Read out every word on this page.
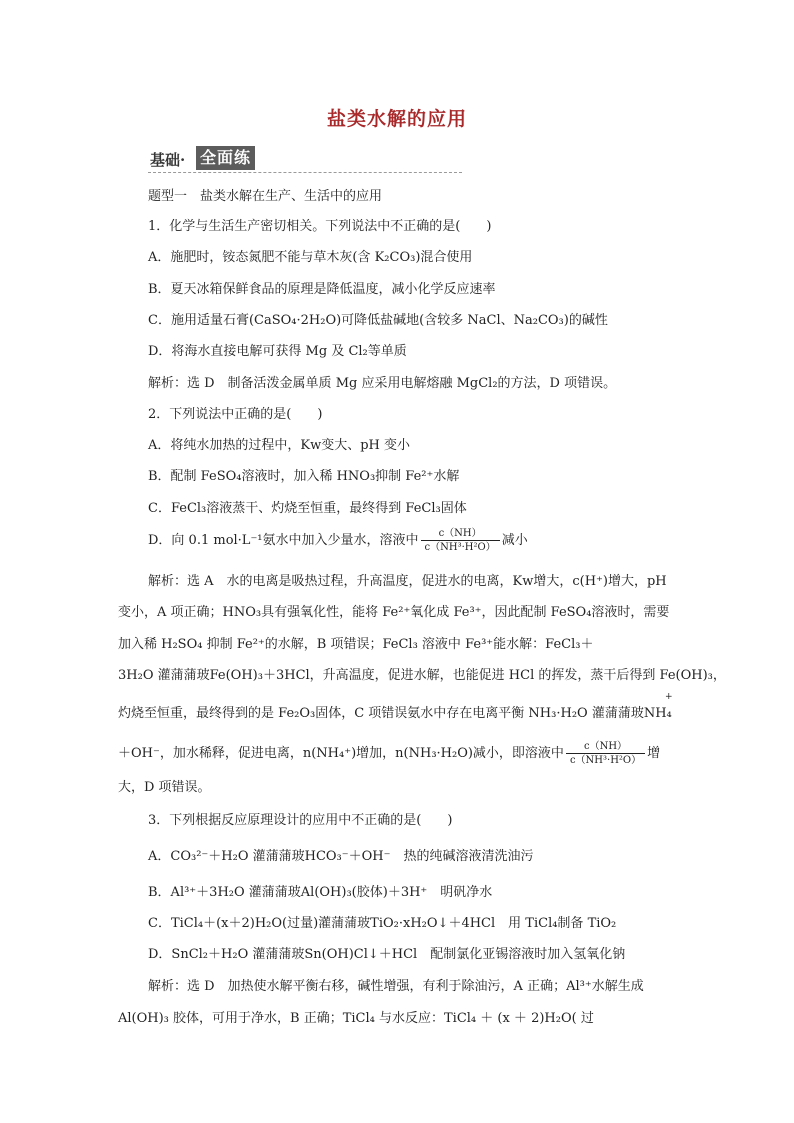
盐类水解的应用
基础· 全面练
题型一　盐类水解在生产、生活中的应用
1．化学与生活生产密切相关。下列说法中不正确的是(　　)
A．施肥时，铵态氮肥不能与草木灰(含 K₂CO₃)混合使用
B．夏天冰箱保鲜食品的原理是降低温度，减小化学反应速率
C．施用适量石膏(CaSO₄·2H₂O)可降低盐碱地(含较多 NaCl、Na₂CO₃)的碱性
D．将海水直接电解可获得 Mg 及 Cl₂等单质
解析：选 D　制备活泼金属单质 Mg 应采用电解熔融 MgCl₂的方法，D 项错误。
2．下列说法中正确的是(　　)
A．将纯水加热的过程中，Kw变大、pH 变小
B．配制 FeSO₄溶液时，加入稀 HNO₃抑制 Fe²⁺水解
C．FeCl₃溶液蒸干、灼烧至恒重，最终得到 FeCl₃固体
D．向 0.1 mol·L⁻¹氨水中加入少量水，溶液中 $\frac{c(NH)}{\text{c（NH³·H²O）}}$ 减小
解析：选 A　水的电离是吸热过程，升高温度，促进水的电离，Kw增大，c(H⁺)增大，pH
变小，A 项正确；HNO₃具有强氧化性，能将 Fe²⁺氧化成 Fe³⁺，因此配制 FeSO₄溶液时，需要
加入稀 H₂SO₄ 抑制 Fe²⁺的水解，B 项错误；FeCl₃ 溶液中 Fe³⁺能水解：FeCl₃＋
3H₂O 灌蒲蒲玻Fe(OH)₃＋3HCl，升高温度，促进水解，也能促进 HCl 的挥发，蒸干后得到 Fe(OH)₃，
+
灼烧至恒重，最终得到的是 Fe₂O₃固体，C 项错误氨水中存在电离平衡 NH₃·H₂O 灌蒲蒲玻NH₄
＋OH⁻，加水稀释，促进电离，n(NH₄⁺)增加，n(NH₃·H₂O)减小，即溶液中 $\frac{c(NH)}{\text{c（NH³·H²O）}}$ 增
大，D 项错误。
3．下列根据反应原理设计的应用中不正确的是(　　)
A．CO₃²⁻＋H₂O 灌蒲蒲玻HCO₃⁻＋OH⁻　热的纯碱溶液清洗油污
B．Al³⁺＋3H₂O 灌蒲蒲玻Al(OH)₃(胶体)＋3H⁺　明矾净水
C．TiCl₄＋(x＋2)H₂O(过量)灌蒲蒲玻TiO₂·xH₂O↓＋4HCl　用 TiCl₄制备 TiO₂
D．SnCl₂＋H₂O 灌蒲蒲玻Sn(OH)Cl↓＋HCl　配制氯化亚锡溶液时加入氢氧化钠
解析：选 D　加热使水解平衡右移，碱性增强，有利于除油污，A 正确；Al³⁺水解生成
Al(OH)₃ 胶体，可用于净水，B 正确；TiCl₄ 与水反应：TiCl₄ ＋ (x ＋ 2)H₂O( 过
